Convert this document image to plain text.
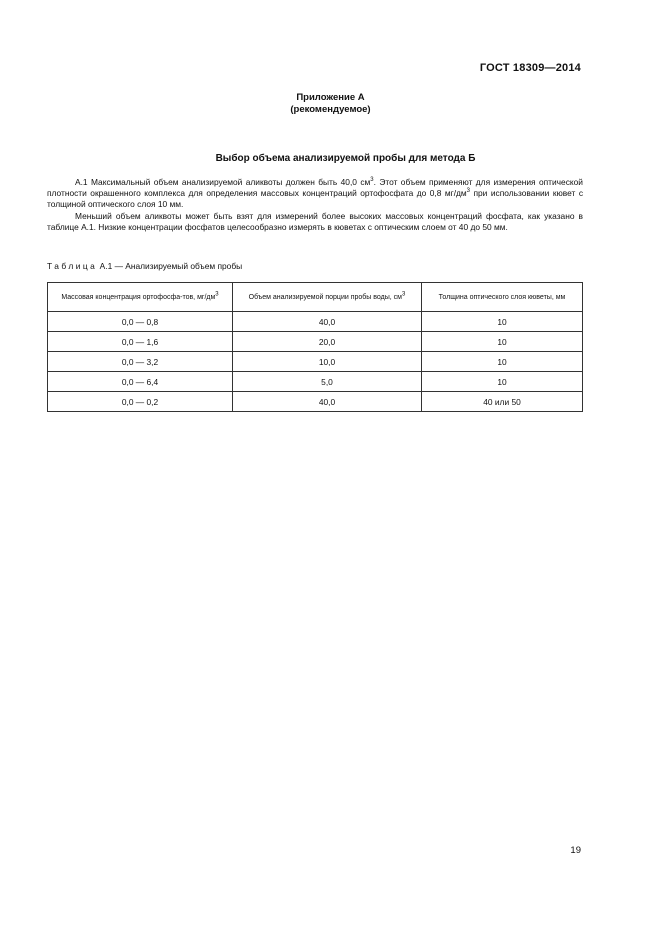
ГОСТ 18309—2014
Приложение А
(рекомендуемое)
Выбор объема анализируемой пробы для метода Б

А.1 Максимальный объем анализируемой аликвоты должен быть 40,0 $см^3$. Этот объем применяют для измерения оптической плотности окрашенного комплекса для определения массовых концентраций ортофосфата до 0,8 $мг/дм^3$ при использовании кювет с толщиной оптического слоя 10 мм.

Меньший объем аликвоты может быть взят для измерений более высоких массовых концентраций фосфата, как указано в таблице А.1. Низкие концентрации фосфатов целесообразно измерять в кюветах с оптическим слоем от 40 до 50 мм.

Таблица А.1 — Анализируемый объем пробы
Массовая концентрация ортофосфа-тов, $мг/дм^3$	Объем анализируемой порции пробы воды, $см^3$	Толщина оптического слоя кюветы, мм
0,0 — 0,8	40,0	10
0,0 — 1,6	20,0	10
0,0 — 3,2	10,0	10
0,0 — 6,4	5,0	10
0,0 — 0,2	40,0	40 или 50
19
